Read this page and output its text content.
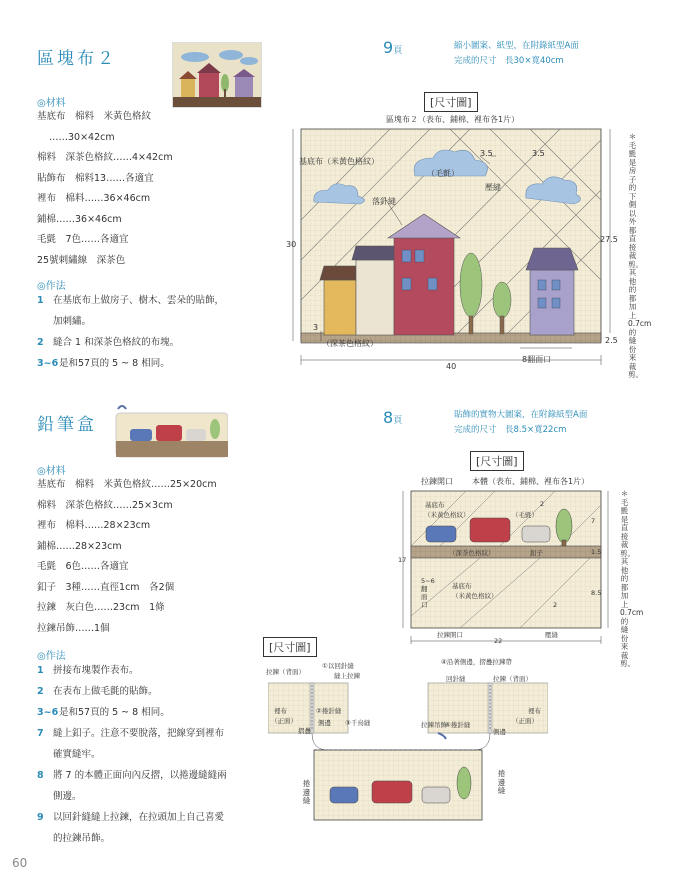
區塊布２
9頁	縮小圖案、紙型，在附錄紙型A面
完成的尺寸　長30×寬40cm
◎材料
基底布　棉料　米黃色格紋
……30×42cm
棉料　深茶色格紋……4×42cm
貼飾布　棉料13……各適宜
裡布　棉料……36×46cm
鋪棉……36×46cm
毛氈　7色……各適宜
25號刺繡線　深茶色
◎作法
1 在基底布上做房子、樹木、雲朵的貼飾，
加刺繡。
2 縫合 1 和深茶色格紋的布塊。
3~6是和57頁的 5 ~ 8 相同。
[尺寸圖]
區塊布２（表布、鋪棉、裡布各1片）
基底布（米黃色格紋）
（毛氈）
落針縫
壓縫
3.5	3.5
30
27.5
2.5
3
（深茶色格紋）
8翻面口
40
＊毛氈是房子的下側以外都直接裁剪。其他的都加上0.7cm的縫份來裁剪。
鉛筆盒	8頁
貼飾的實物大圖案，在附錄紙型A面
完成的尺寸　長8.5×寬22cm
◎材料
基底布　棉料　米黃色格紋……25×20cm
棉料　深茶色格紋……25×3cm
裡布　棉料……28×23cm
鋪棉……28×23cm
毛氈　6色……各適宜
釦子　3種……直徑1cm　各2個
拉鍊　灰白色……23cm　1條
拉鍊吊飾……1個
◎作法
1 拼接布塊製作表布。
2 在表布上做毛氈的貼飾。
3~6是和57頁的 5 ~ 8 相同。
7 縫上釦子。注意不要脫落，把線穿到裡布
確實縫牢。
8 將 7 的本體正面向內反摺，以捲邊縫縫兩
側邊。
9 以回針縫縫上拉鍊，在拉頭加上自己喜愛
的拉鍊吊飾。
[尺寸圖]
拉鍊開口 本體（表布、鋪棉、裡布各1片）
基底布
（米黃色格紋）	（毛氈）
2
7
（深茶色格紋）	釦子	1.5
17
5~6翻面口
基底布
（米黃色格紋）	8.5
2
拉鍊開口	壓縫
22
＊毛氈是直接裁剪。其他的都加上0.7cm的縫份來裁剪。
[尺寸圖]
拉鍊（背面）
①以回針縫
縫上拉鍊
裡布
（正面）
②捲針縫
側邊 ③千鳥縫
摺疊
④沿著側邊，摺疊拉鍊帶
回針縫	拉鍊（背面）
裡布
（正面）
拉鍊吊飾
⑤捲針縫
側邊
捲邊縫
捲邊縫
60
